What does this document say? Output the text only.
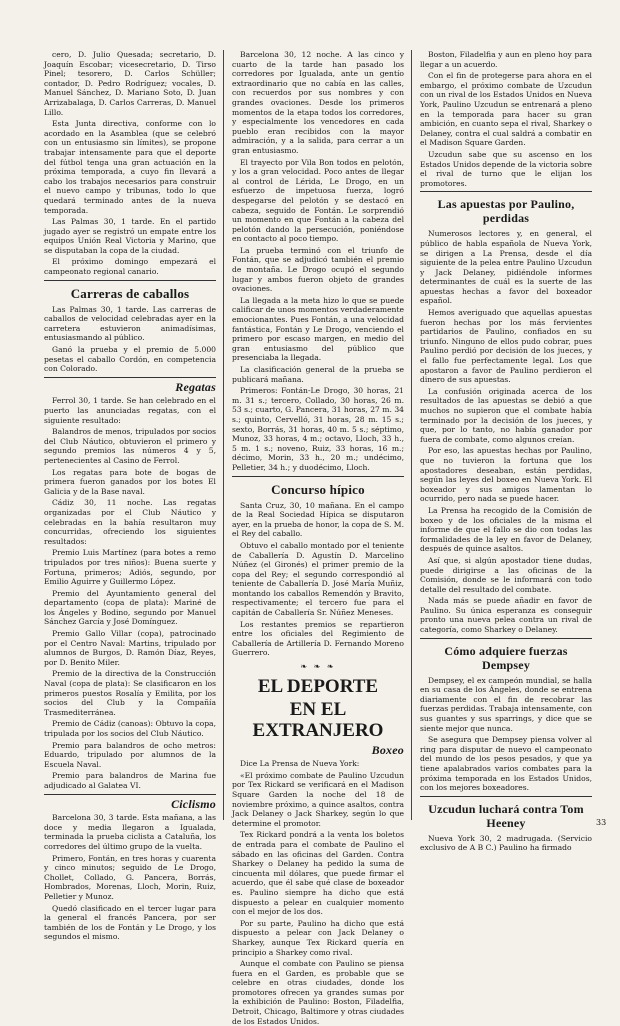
cero, D. Julio Quesada; secretario, D. Joaquín Escobar; vicesecretario, D. Tirso Pinel; tesorero, D. Carlos Schüller; contador, D. Pedro Rodríguez; vocales, D. Manuel Sánchez, D. Mariano Soto, D. Juan Arrizabalaga, D. Carlos Carreras, D. Manuel Lillo.

Esta Junta directiva, conforme con lo acordado en la Asamblea (que se celebró con un entusiasmo sin límites), se propone trabajar intensamente para que el deporte del fútbol tenga una gran actuación en la próxima temporada, a cuyo fin llevará a cabo los trabajos necesarios para construir el nuevo campo y tribunas, todo lo que quedará terminado antes de la nueva temporada.

Las Palmas 30, 1 tarde. En el partido jugado ayer se registró un empate entre los equipos Unión Real Victoria y Marino, que se disputaban la copa de la ciudad.

El próximo domingo empezará el campeonato regional canario.

Carreras de caballos

Las Palmas 30, 1 tarde. Las carreras de caballos de velocidad celebradas ayer en la carretera estuvieron animadísimas, entusiasmando al público.

Ganó la prueba y el premio de 5.000 pesetas el caballo Cordón, en competencia con Colorado.

Regatas

Ferrol 30, 1 tarde. Se han celebrado en el puerto las anunciadas regatas, con el siguiente resultado:

Balandros de menos, tripulados por socios del Club Náutico, obtuvieron el primero y segundo premios las números 4 y 5, pertenecientes al Casino de Ferrol.

Los regatas para bote de bogas de primera fueron ganados por los botes El Galicia y de la Base naval.

Cádiz 30, 11 noche. Las regatas organizadas por el Club Náutico y celebradas en la bahía resultaron muy concurridas, ofreciendo los siguientes resultados:

Premio Luis Martínez (para botes a remo tripulados por tres niños): Buena suerte y Fortuna, primeros; Adiós, segundo, por Emilio Aguirre y Guillermo López.

Premio del Ayuntamiento general del departamento (copa de plata): Mariné de los Ángeles y Bodino, segundo por Manuel Sánchez García y José Domínguez.

Premio Gallo Villar (copa), patrocinado por el Centro Naval: Martins, tripulado por alumnos de Burgos, D. Ramón Díaz, Reyes, por D. Benito Miler.

Premio de la directiva de la Construcción Naval (copa de plata): Se clasificaron en los primeros puestos Rosalía y Emilita, por los socios del Club y la Compañía Trasmediterránea.

Premio de Cádiz (canoas): Obtuvo la copa, tripulada por los socios del Club Náutico.

Premio para balandros de ocho metros: Eduardo, tripulado por alumnos de la Escuela Naval.

Premio para balandros de Marina fue adjudicado al Galatea VI.

Ciclismo

Barcelona 30, 3 tarde. Esta mañana, a las doce y media llegaron a Igualada, terminada la prueba ciclista a Cataluña, los corredores del último grupo de la vuelta.

Primero, Fontán, en tres horas y cuarenta y cinco minutos; seguido de Le Drogo, Chollet, Collado, G. Pancera, Borrás, Hombrados, Morenas, Lloch, Morin, Ruiz, Pelletier y Munoz.

Quedó clasificado en el tercer lugar para la general el francés Pancera, por ser también de los de Fontán y Le Drogo, y los segundos el mismo.

Barcelona 30, 12 noche. A las cinco y cuarto de la tarde han pasado los corredores por Igualada, ante un gentío extraordinario que no cabía en las calles, con recuerdos por sus nombres y con grandes ovaciones. Desde los primeros momentos de la etapa todos los corredores, y especialmente los vencedores en cada pueblo eran recibidos con la mayor admiración, y a la salida, para cerrar a un gran entusiasmo.

El trayecto por Vila Bon todos en pelotón, y los a gran velocidad. Poco antes de llegar al control de Lérida, Le Drogo, en un esfuerzo de impetuosa fuerza, logró despegarse del pelotón y se destacó en cabeza, seguido de Fontán. Le sorprendió un momento en que Fontán a la cabeza del pelotón dando la persecución, poniéndose en contacto al poco tiempo.

La prueba terminó con el triunfo de Fontán, que se adjudicó también el premio de montaña. Le Drogo ocupó el segundo lugar y ambos fueron objeto de grandes ovaciones.

La llegada a la meta hizo lo que se puede calificar de unos momentos verdaderamente emocionantes. Pues Fontán, a una velocidad fantástica, Fontán y Le Drogo, venciendo el primero por escaso margen, en medio del gran entusiasmo del público que presenciaba la llegada.

La clasificación general de la prueba se publicará mañana.

Primeros: Fontán-Le Drogo, 30 horas, 21 m. 31 s.; tercero, Collado, 30 horas, 26 m. 53 s.; cuarto, G. Pancera, 31 horas, 27 m. 34 s.; quinto, Cervelló, 31 horas, 28 m. 15 s.; sexto, Borrás, 31 horas, 40 m. 5 s.; séptimo, Munoz, 33 horas, 4 m.; octavo, Lloch, 33 h., 5 m. 1 s.; noveno, Ruiz, 33 horas, 16 m.; décimo, Morin, 33 h., 20 m.; undécimo, Pelletier, 34 h.; y duodécimo, Lloch.

Concurso hípico

Santa Cruz, 30, 10 mañana. En el campo de la Real Sociedad Hípica se disputaron ayer, en la prueba de honor, la copa de S. M. el Rey del caballo.

Obtuvo el caballo montado por el teniente de Caballería D. Agustín D. Marcelino Núñez (el Gironés) el primer premio de la copa del Rey; el segundo correspondió al teniente de Caballería D. José María Muñiz, montando los caballos Remendón y Bravito, respectivamente; el tercero fue para el capitán de Caballería Sr. Núñez Meneses.

Los restantes premios se repartieron entre los oficiales del Regimiento de Caballería de Artillería D. Fernando Moreno Guerrero.

❧ ❧ ❧
EL DEPORTE
EN EL EXTRANJERO
Boxeo

Dice La Prensa de Nueva York:

«El próximo combate de Paulino Uzcudun por Tex Rickard se verificará en el Madison Square Garden la noche del 18 de noviembre próximo, a quince asaltos, contra Jack Delaney o Jack Sharkey, según lo que determine el promotor.

Tex Rickard pondrá a la venta los boletos de entrada para el combate de Paulino el sábado en las oficinas del Garden. Contra Sharkey o Delaney ha pedido la suma de cincuenta mil dólares, que puede firmar el acuerdo, que él sabe qué clase de boxeador es. Paulino siempre ha dicho que está dispuesto a pelear en cualquier momento con el mejor de los dos.

Por su parte, Paulino ha dicho que está dispuesto a pelear con Jack Delaney o Sharkey, aunque Tex Rickard quería en principio a Sharkey como rival.

Aunque el combate con Paulino se piensa fuera en el Garden, es probable que se celebre en otras ciudades, donde los promotores ofrecen ya grandes sumas por la exhibición de Paulino: Boston, Filadelfia, Detroit, Chicago, Baltimore y otras ciudades de los Estados Unidos.

Boston, Filadelfia y aun en pleno hoy para llegar a un acuerdo.

Con el fin de protegerse para ahora en el embargo, el próximo combate de Uzcudun con un rival de los Estados Unidos en Nueva York, Paulino Uzcudun se entrenará a pleno en la temporada para hacer su gran ambición, en cuanto sepa el rival, Sharkey o Delaney, contra el cual saldrá a combatir en el Madison Square Garden.

Uzcudun sabe que su ascenso en los Estados Unidos depende de la victoria sobre el rival de turno que le elijan los promotores.

Las apuestas por Paulino, perdidas

Numerosos lectores y, en general, el público de habla española de Nueva York, se dirigen a La Prensa, desde el día siguiente de la pelea entre Paulino Uzcudun y Jack Delaney, pidiéndole informes determinantes de cuál es la suerte de las apuestas hechas a favor del boxeador español.

Hemos averiguado que aquellas apuestas fueron hechas por los más fervientes partidarios de Paulino, confiados en su triunfo. Ninguno de ellos pudo cobrar, pues Paulino perdió por decisión de los jueces, y el fallo fue perfectamente legal. Los que apostaron a favor de Paulino perdieron el dinero de sus apuestas.

La confusión originada acerca de los resultados de las apuestas se debió a que muchos no supieron que el combate había terminado por la decisión de los jueces, y que, por lo tanto, no había ganador por fuera de combate, como algunos creían.

Por eso, las apuestas hechas por Paulino, que no tuvieron la fortuna que los apostadores deseaban, están perdidas, según las leyes del boxeo en Nueva York. El boxeador y sus amigos lamentan lo ocurrido, pero nada se puede hacer.

La Prensa ha recogido de la Comisión de boxeo y de los oficiales de la misma el informe de que el fallo se dio con todas las formalidades de la ley en favor de Delaney, después de quince asaltos.

Así que, si algún apostador tiene dudas, puede dirigirse a las oficinas de la Comisión, donde se le informará con todo detalle del resultado del combate.

Nada más se puede añadir en favor de Paulino. Su única esperanza es conseguir pronto una nueva pelea contra un rival de categoría, como Sharkey o Delaney.

Cómo adquiere fuerzas Dempsey

Dempsey, el ex campeón mundial, se halla en su casa de los Ángeles, donde se entrena diariamente con el fin de recobrar las fuerzas perdidas. Trabaja intensamente, con sus guantes y sus sparrings, y dice que se siente mejor que nunca.

Se asegura que Dempsey piensa volver al ring para disputar de nuevo el campeonato del mundo de los pesos pesados, y que ya tiene apalabrados varios combates para la próxima temporada en los Estados Unidos, con los mejores boxeadores.

Uzcudun luchará contra Tom Heeney

Nueva York 30, 2 madrugada. (Servicio exclusivo de A B C.) Paulino ha firmado

33
